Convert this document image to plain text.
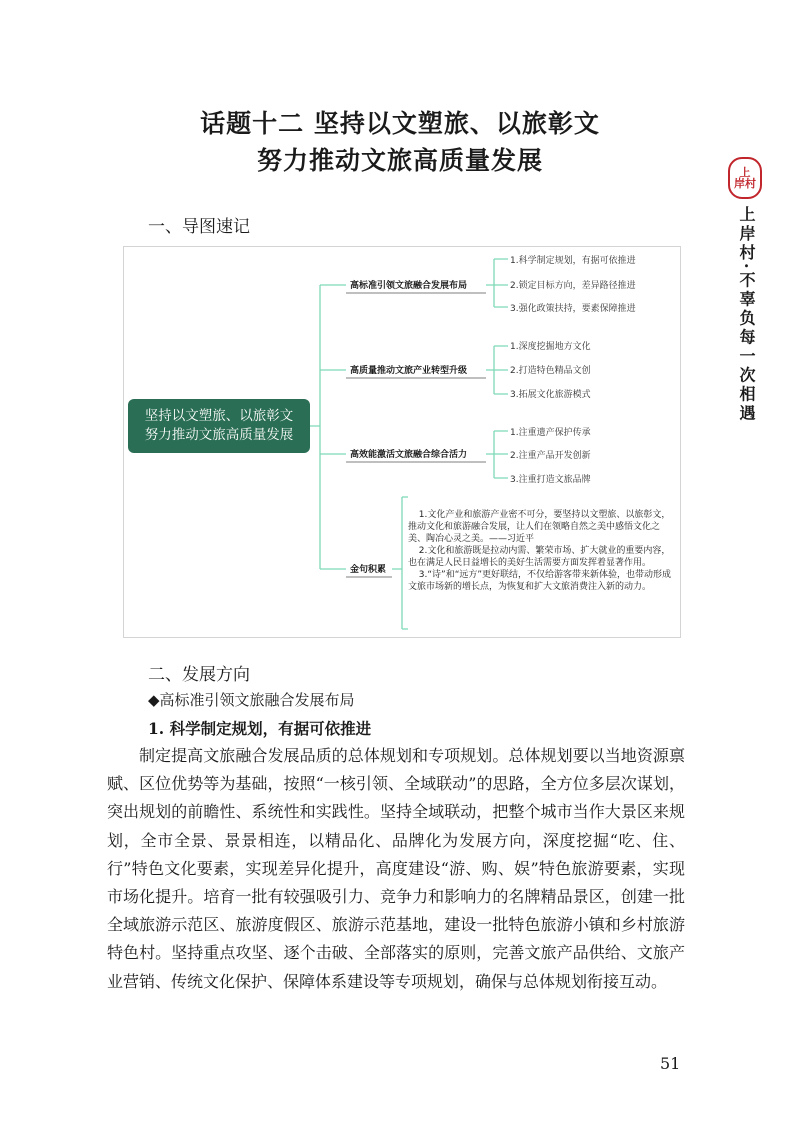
话题十二 坚持以文塑旅、以旅彰文
努力推动文旅高质量发展	上
岸村
上岸村·不辜负每一次相遇
一、导图速记
坚持以文塑旅、以旅彰文
努力推动文旅高质量发展
高标准引领文旅融合发展布局
1.科学制定规划，有据可依推进
2.锁定目标方向，差异路径推进
3.强化政策扶持，要素保障推进
高质量推动文旅产业转型升级
1.深度挖掘地方文化
2.打造特色精品文创
3.拓展文化旅游模式
高效能激活文旅融合综合活力
1.注重遗产保护传承
2.注重产品开发创新
3.注重打造文旅品牌
金句积累

1.文化产业和旅游产业密不可分，要坚持以文塑旅、以旅彰文，推动文化和旅游融合发展，让人们在领略自然之美中感悟文化之美、陶冶心灵之美。——习近平

2.文化和旅游既是拉动内需、繁荣市场、扩大就业的重要内容，也在满足人民日益增长的美好生活需要方面发挥着显著作用。

3.“诗”和“远方”更好联结，不仅给游客带来新体验，也带动形成文旅市场新的增长点，为恢复和扩大文旅消费注入新的动力。

二、发展方向
◆高标准引领文旅融合发展布局
1. 科学制定规划，有据可依推进
制定提高文旅融合发展品质的总体规划和专项规划。总体规划要以当地资源禀赋、区位优势等为基础，按照“一核引领、全域联动”的思路，全方位多层次谋划，突出规划的前瞻性、系统性和实践性。坚持全域联动，把整个城市当作大景区来规划，全市全景、景景相连，以精品化、品牌化为发展方向，深度挖掘“吃、住、行”特色文化要素，实现差异化提升，高度建设“游、购、娱”特色旅游要素，实现市场化提升。培育一批有较强吸引力、竞争力和影响力的名牌精品景区，创建一批全域旅游示范区、旅游度假区、旅游示范基地，建设一批特色旅游小镇和乡村旅游特色村。坚持重点攻坚、逐个击破、全部落实的原则，完善文旅产品供给、文旅产业营销、传统文化保护、保障体系建设等专项规划，确保与总体规划衔接互动。
51
